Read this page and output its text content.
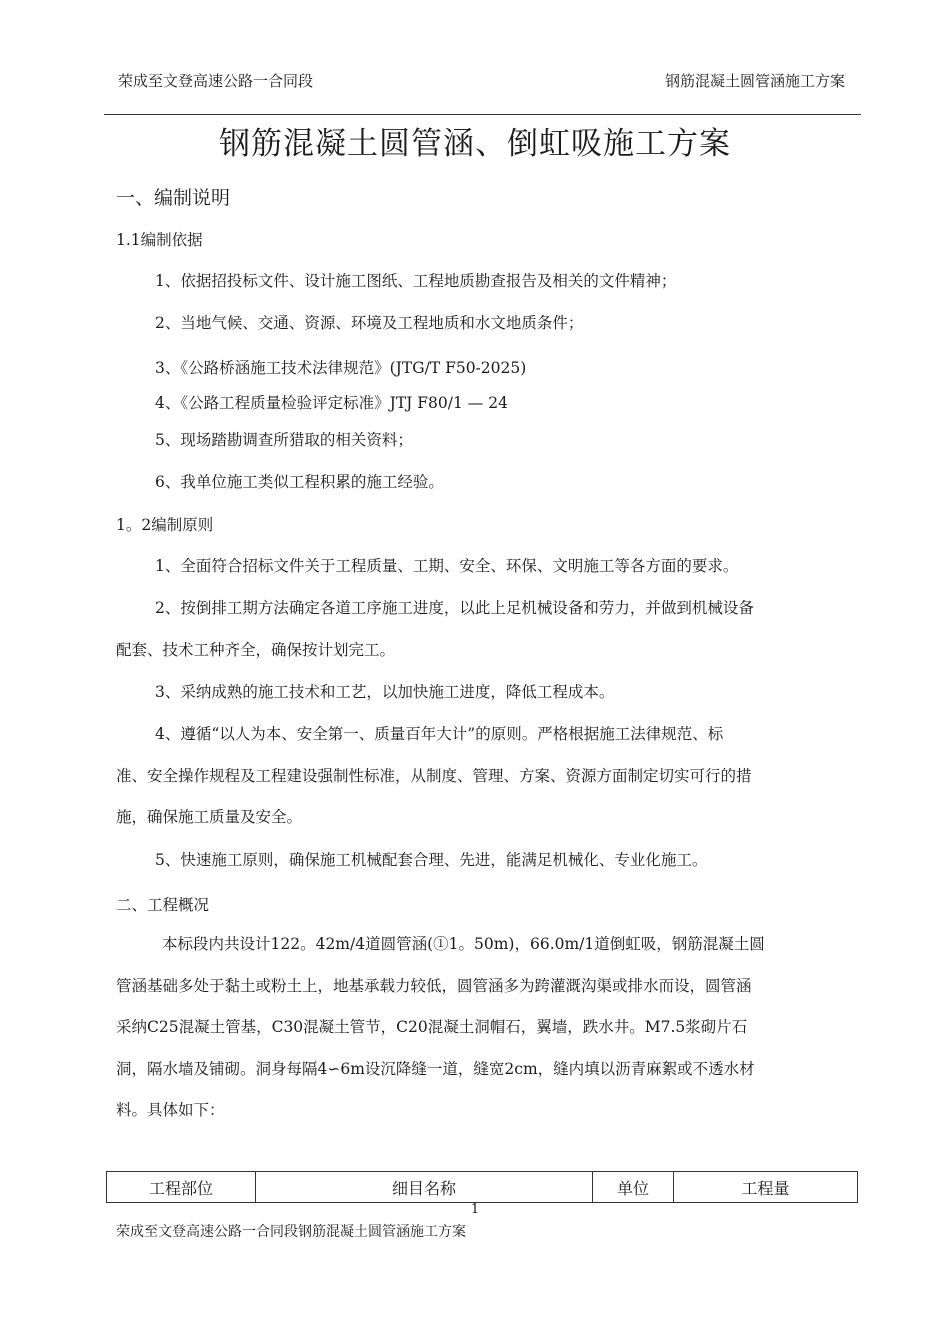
荣成至文登高速公路一合同段	钢筋混凝土圆管涵施工方案
钢筋混凝土圆管涵、倒虹吸施工方案
一、编制说明
1.1编制依据
1、依据招投标文件、设计施工图纸、工程地质勘查报告及相关的文件精神；
2、当地气候、交通、资源、环境及工程地质和水文地质条件；
3、《公路桥涵施工技术法律规范》(JTG/T F50-2025)
4、《公路工程质量检验评定标准》JTJ F80/1 — 24
5、现场踏勘调查所猎取的相关资料；
6、我单位施工类似工程积累的施工经验。
1。2编制原则
1、全面符合招标文件关于工程质量、工期、安全、环保、文明施工等各方面的要求。
2、按倒排工期方法确定各道工序施工进度，以此上足机械设备和劳力，并做到机械设备
配套、技术工种齐全，确保按计划完工。
3、采纳成熟的施工技术和工艺，以加快施工进度，降低工程成本。
4、遵循“以人为本、安全第一、质量百年大计”的原则。严格根据施工法律规范、标
准、安全操作规程及工程建设强制性标准，从制度、管理、方案、资源方面制定切实可行的措
施，确保施工质量及安全。
5、快速施工原则，确保施工机械配套合理、先进，能满足机械化、专业化施工。
二、工程概况
本标段内共设计122。42m/4道圆管涵(①1。50m)，66.0m/1道倒虹吸，钢筋混凝土圆
管涵基础多处于黏土或粉土上，地基承载力较低，圆管涵多为跨灌溉沟渠或排水而设，圆管涵
采纳C25混凝土管基，C30混凝土管节，C20混凝土洞帽石，翼墙，跌水井。M7.5浆砌片石
洞，隔水墙及铺砌。洞身每隔4∽6m设沉降缝一道，缝宽2cm，缝内填以沥青麻絮或不透水材
料。具体如下：
工程部位	细目名称	单位	工程量
1
荣成至文登高速公路一合同段钢筋混凝土圆管涵施工方案
